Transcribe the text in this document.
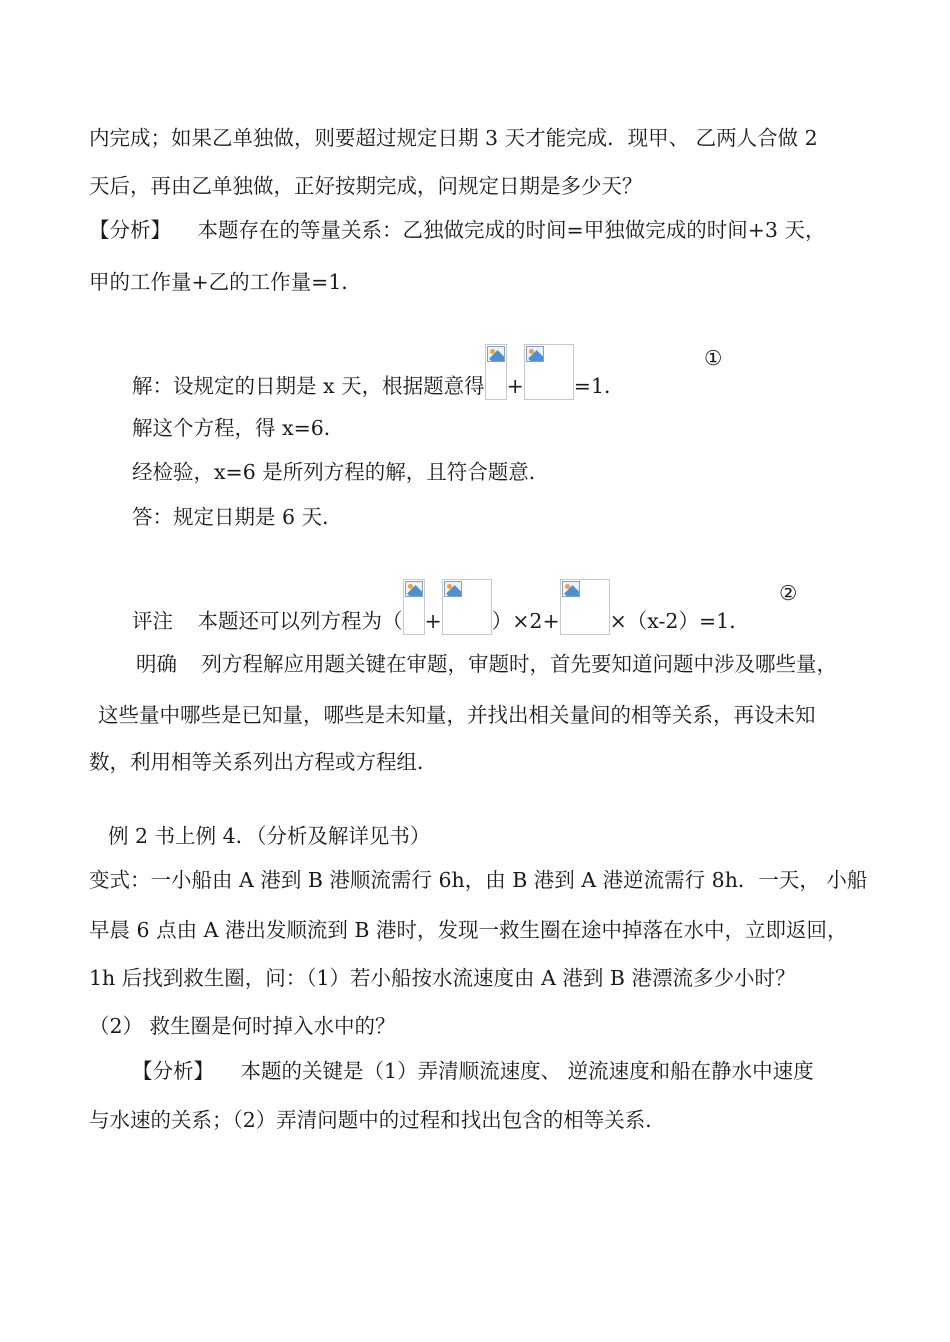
内完成；如果乙单独做，则要超过规定日期 3 天才能完成．现甲、 乙两人合做 2
天后，再由乙单独做，正好按期完成，问规定日期是多少天？
【分析】 本题存在的等量关系：乙独做完成的时间=甲独做完成的时间+3 天，
甲的工作量+乙的工作量=1．
解：设规定的日期是 x 天，根据题意得 + =1．
①
解这个方程，得 x=6．
经检验，x=6 是所列方程的解，且符合题意．
答：规定日期是 6 天．
评注 本题还可以列方程为（ + ）×2+ ×（x-2）=1．
②
明确 列方程解应用题关键在审题，审题时，首先要知道问题中涉及哪些量，
这些量中哪些是已知量，哪些是未知量，并找出相关量间的相等关系，再设未知
数，利用相等关系列出方程或方程组．
例 2 书上例 4．（分析及解详见书）
变式：一小船由 A 港到 B 港顺流需行 6h，由 B 港到 A 港逆流需行 8h．一天， 小船
早晨 6 点由 A 港出发顺流到 B 港时，发现一救生圈在途中掉落在水中，立即返回，
1h 后找到救生圈，问：（1）若小船按水流速度由 A 港到 B 港漂流多少小时？
（2） 救生圈是何时掉入水中的？
【分析】 本题的关键是（1）弄清顺流速度、 逆流速度和船在静水中速度
与水速的关系；（2）弄清问题中的过程和找出包含的相等关系．
